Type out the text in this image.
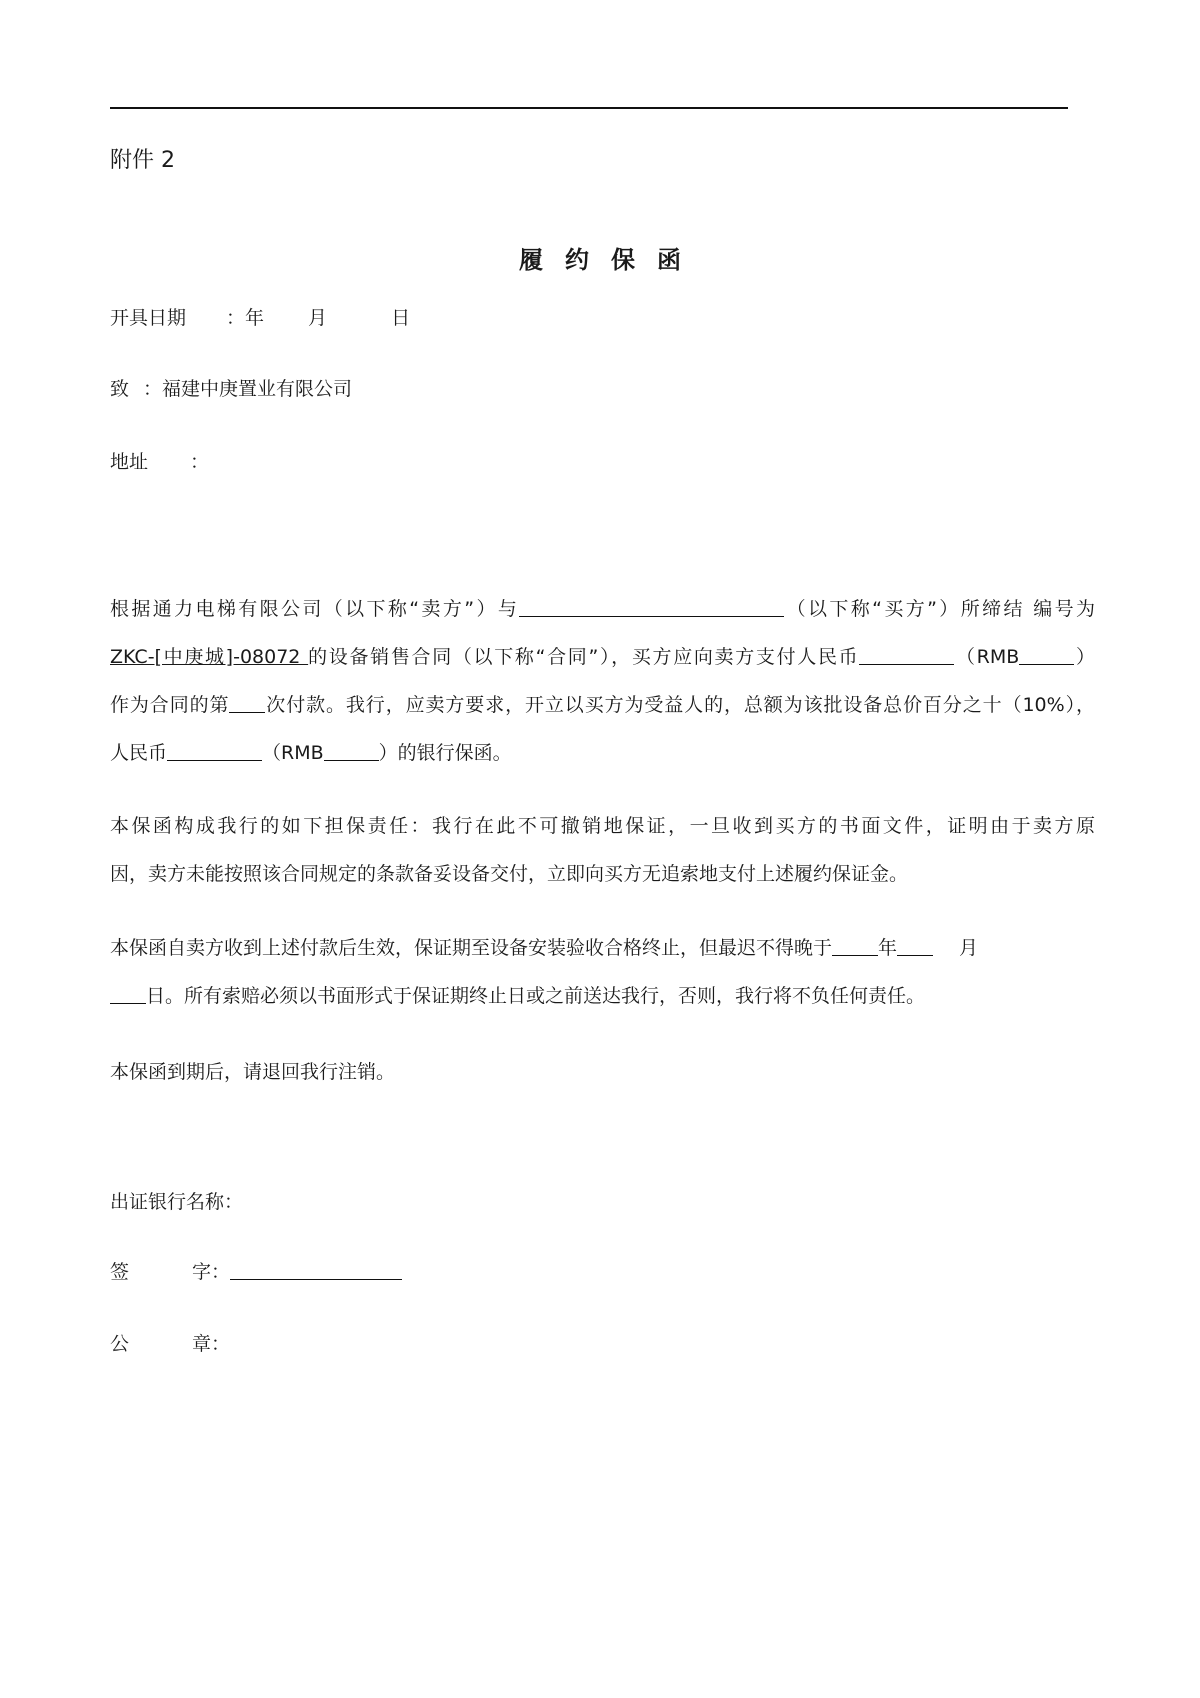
附件 2
履约保函
开具日期 ：年 月	日
致 ：福建中庚置业有限公司
地址 ：
根据通力电梯有限公司（以下称“卖方”）与	（以下称“买方”）所缔结 编号为
ZKC-[中庚城]-08072 的设备销售合同（以下称“合同”），买方应向卖方支付人民币	（RMB	）
作为合同的第 次付款。我行，应卖方要求，开立以买方为受益人的，总额为该批设备总价百分之十（10%），
人民币	（RMB	）的银行保函。
本保函构成我行的如下担保责任：我行在此不可撤销地保证，一旦收到买方的书面文件，证明由于卖方原
因，卖方未能按照该合同规定的条款备妥设备交付，立即向买方无追索地支付上述履约保证金。
本保函自卖方收到上述付款后生效，保证期至设备安装验收合格终止，但最迟不得晚于 年	月
日。所有索赔必须以书面形式于保证期终止日或之前送达我行，否则，我行将不负任何责任。
本保函到期后，请退回我行注销。
出证银行名称：
签	字：
公	章：
